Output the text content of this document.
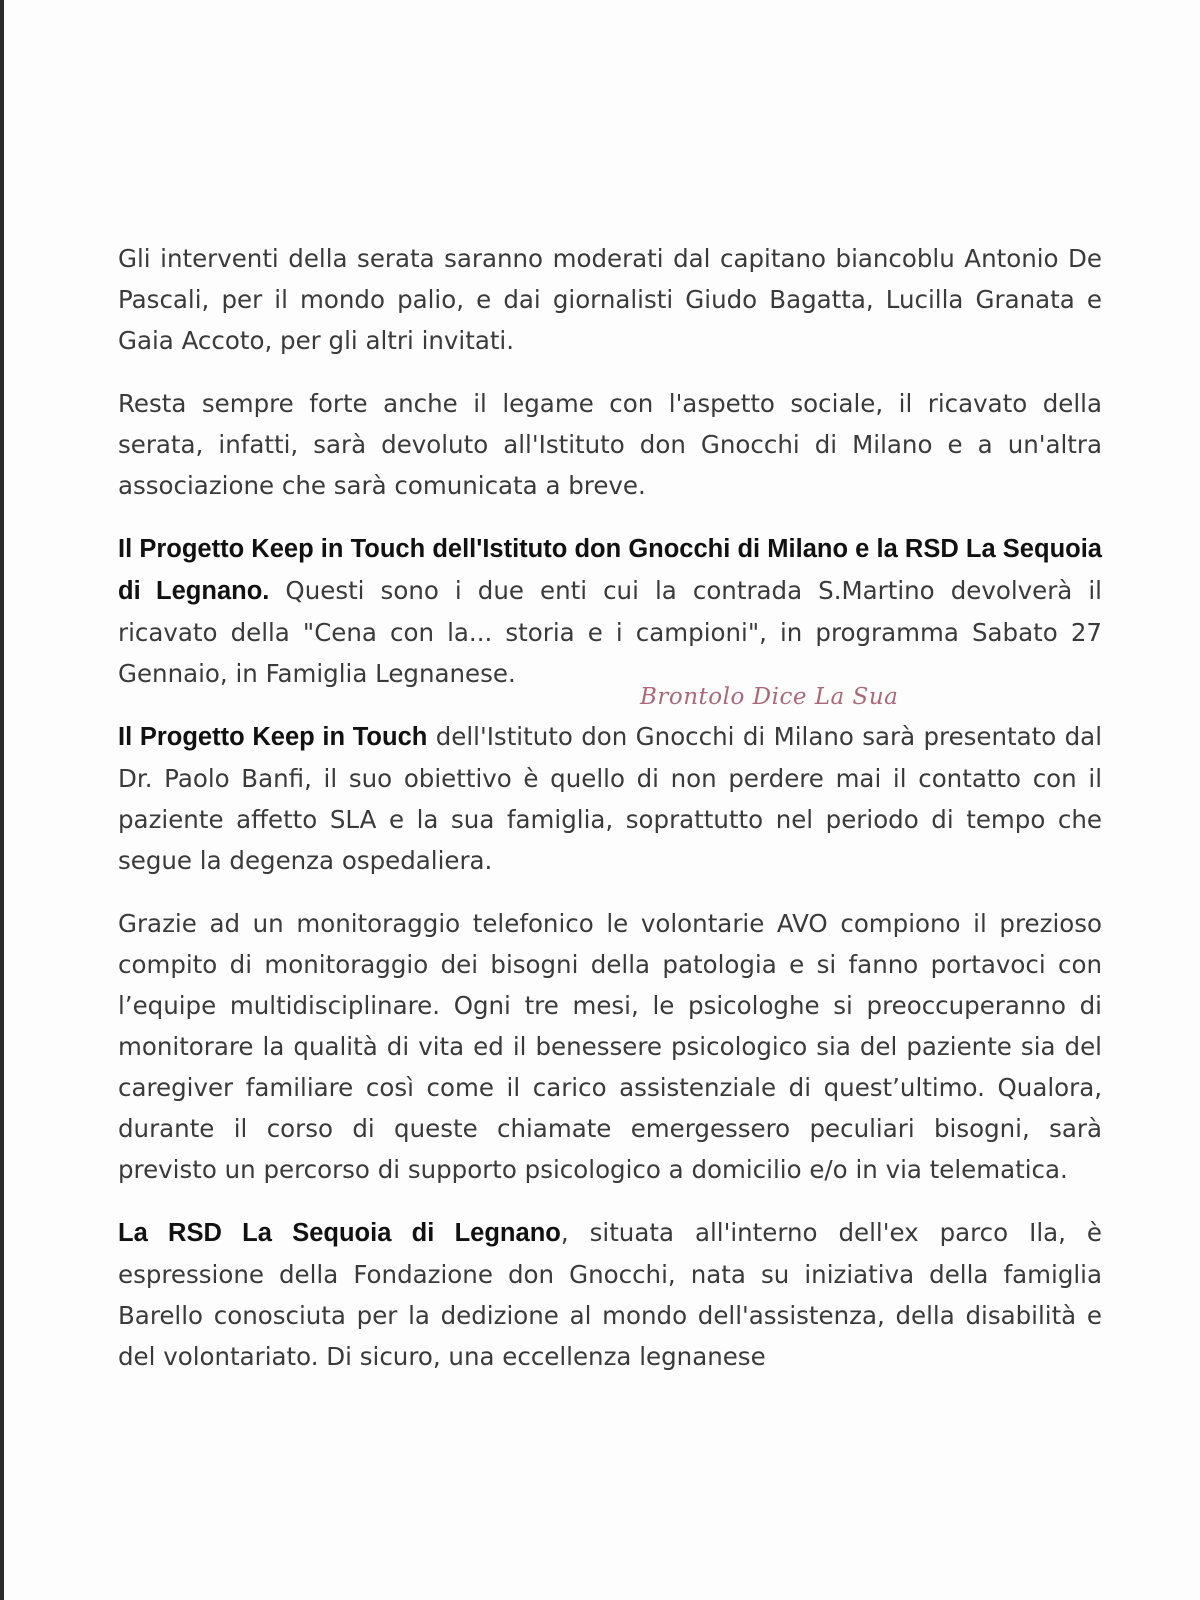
Gli interventi della serata saranno moderati dal capitano biancoblu Antonio De Pascali, per il mondo palio, e dai giornalisti Giudo Bagatta, Lucilla Granata e Gaia Accoto, per gli altri invitati.

Resta sempre forte anche il legame con l'aspetto sociale, il ricavato della serata, infatti, sarà devoluto all'Istituto don Gnocchi di Milano e a un'altra associazione che sarà comunicata a breve.

Il Progetto Keep in Touch dell'Istituto don Gnocchi di Milano e la RSD La Sequoia di Legnano. Questi sono i due enti cui la contrada S.Martino devolverà il ricavato della "Cena con la... storia e i campioni", in programma Sabato 27 Gennaio, in Famiglia Legnanese.

Il Progetto Keep in Touch dell'Istituto don Gnocchi di Milano sarà presentato dal Dr. Paolo Banfi, il suo obiettivo è quello di non perdere mai il contatto con il paziente affetto SLA e la sua famiglia, soprattutto nel periodo di tempo che segue la degenza ospedaliera.

Grazie ad un monitoraggio telefonico le volontarie AVO compiono il prezioso compito di monitoraggio dei bisogni della patologia e si fanno portavoci con l’equipe multidisciplinare. Ogni tre mesi, le psicologhe si preoccuperanno di monitorare la qualità di vita ed il benessere psicologico sia del paziente sia del caregiver familiare così come il carico assistenziale di quest’ultimo. Qualora, durante il corso di queste chiamate emergessero peculiari bisogni, sarà previsto un percorso di supporto psicologico a domicilio e/o in via telematica.

La RSD La Sequoia di Legnano, situata all'interno dell'ex parco Ila, è espressione della Fondazione don Gnocchi, nata su iniziativa della famiglia Barello conosciuta per la dedizione al mondo dell'assistenza, della disabilità e del volontariato. Di sicuro, una eccellenza legnanese

Brontolo Dice La Sua
